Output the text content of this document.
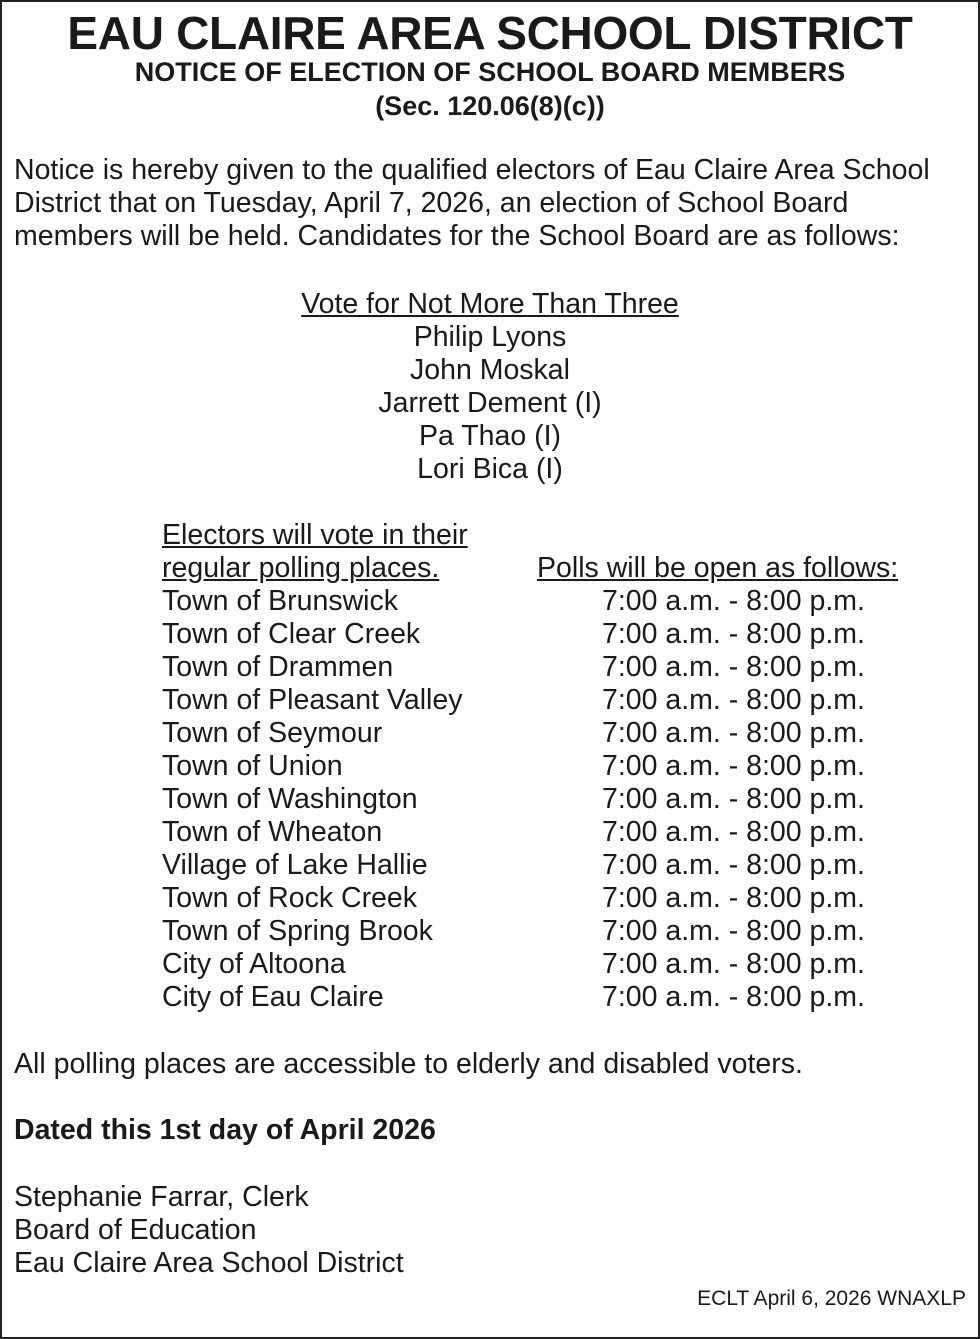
EAU CLAIRE AREA SCHOOL DISTRICT
NOTICE OF ELECTION OF SCHOOL BOARD MEMBERS
(Sec. 120.06(8)(c))

Notice is hereby given to the qualified electors of Eau Claire Area School District that on Tuesday, April 7, 2026, an election of School Board members will be held. Candidates for the School Board are as follows:

Vote for Not More Than Three
Philip Lyons
John Moskal
Jarrett Dement (I)
Pa Thao (I)
Lori Bica (I)
Electors will vote in their
regular polling places.	Polls will be open as follows:
Town of Brunswick	7:00 a.m. - 8:00 p.m.
Town of Clear Creek	7:00 a.m. - 8:00 p.m.
Town of Drammen	7:00 a.m. - 8:00 p.m.
Town of Pleasant Valley	7:00 a.m. - 8:00 p.m.
Town of Seymour	7:00 a.m. - 8:00 p.m.
Town of Union	7:00 a.m. - 8:00 p.m.
Town of Washington	7:00 a.m. - 8:00 p.m.
Town of Wheaton	7:00 a.m. - 8:00 p.m.
Village of Lake Hallie	7:00 a.m. - 8:00 p.m.
Town of Rock Creek	7:00 a.m. - 8:00 p.m.
Town of Spring Brook	7:00 a.m. - 8:00 p.m.
City of Altoona	7:00 a.m. - 8:00 p.m.
City of Eau Claire	7:00 a.m. - 8:00 p.m.

All polling places are accessible to elderly and disabled voters.

Dated this 1st day of April 2026

Stephanie Farrar, Clerk
Board of Education
Eau Claire Area School District
ECLT April 6, 2026 WNAXLP
